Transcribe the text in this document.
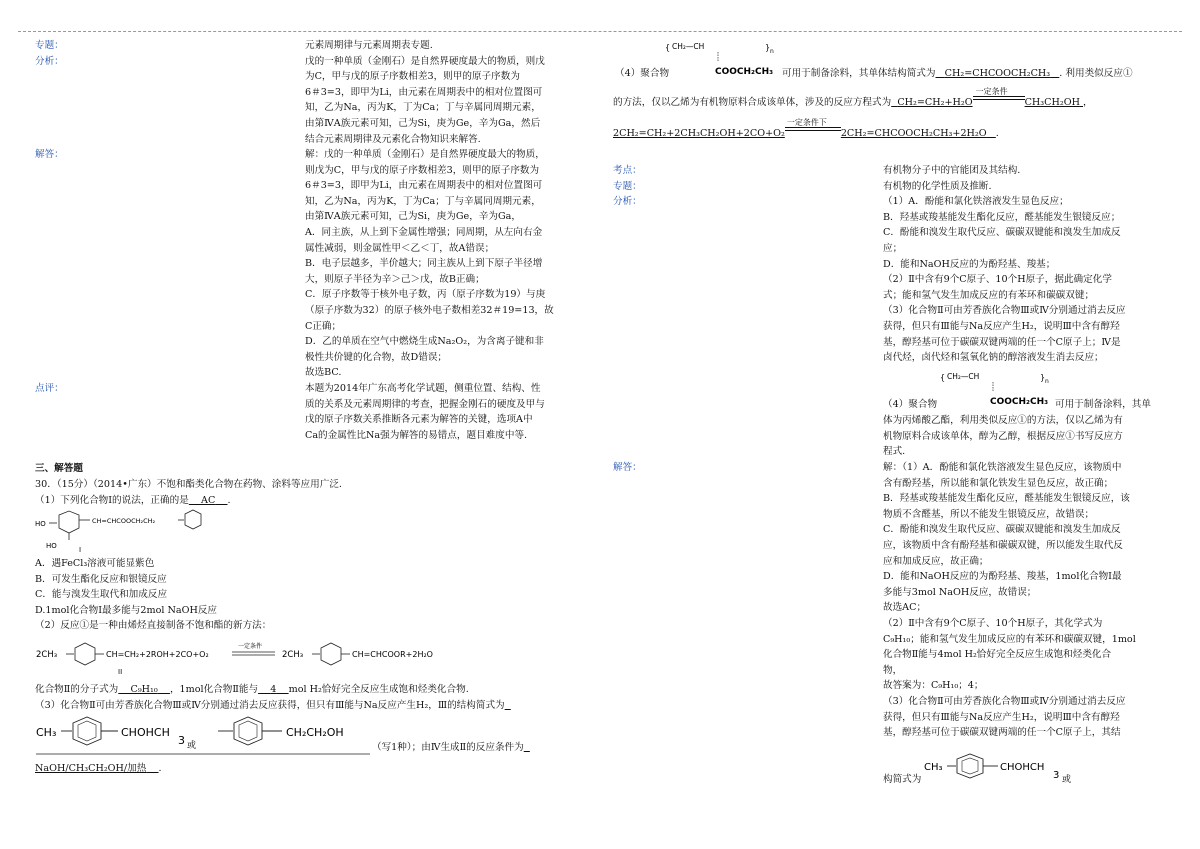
专题：	元素周期律与元素周期表专题.
分析：	戊的一种单质（金刚石）是自然界硬度最大的物质，则戊
为C，甲与戊的原子序数相差3，则甲的原子序数为
6＃3=3，即甲为Li，由元素在周期表中的相对位置图可
知，乙为Na，丙为K，丁为Ca；丁与辛属同周期元素，
由第ⅣA族元素可知，己为Si，庚为Ge，辛为Ga，然后
结合元素周期律及元素化合物知识来解答.
解答：	解：戊的一种单质（金刚石）是自然界硬度最大的物质，
则戊为C，甲与戊的原子序数相差3，则甲的原子序数为
6＃3=3，即甲为Li，由元素在周期表中的相对位置图可
知，乙为Na，丙为K，丁为Ca；丁与辛属同周期元素，
由第ⅣA族元素可知，己为Si，庚为Ge，辛为Ga，
A．同主族，从上到下金属性增强；同周期，从左向右金
属性减弱，则金属性甲＜乙＜丁，故A错误；
B．电子层越多，半价越大；同主族从上到下原子半径增
大，则原子半径为辛＞己＞戊，故B正确；
C．原子序数等于核外电子数，丙（原子序数为19）与庚
（原子序数为32）的原子核外电子数相差32＃19=13，故
C正确；
D．乙的单质在空气中燃烧生成Na₂O₂，为含离子键和非
极性共价键的化合物，故D错误；
故选BC.
点评：	本题为2014年广东高考化学试题，侧重位置、结构、性
质的关系及元素周期律的考查，把握金刚石的硬度及甲与
戊的原子序数关系推断各元素为解答的关键，选项A中
Ca的金属性比Na强为解答的易错点，题目难度中等.
三、解答题
30．（15分）（2014•广东）不饱和酯类化合物在药物、涂料等应用广泛.
（1）下列化合物Ⅰ的说法，正确的是 AC .
HO
HO
CH=CHCOOCH₂CH₂
I
A．遇FeCl₃溶液可能显紫色
B．可发生酯化反应和银镜反应
C．能与溴发生取代和加成反应
D.1mol化合物Ⅰ最多能与2mol NaOH反应
（2）反应①是一种由烯烃直接制备不饱和酯的新方法：
2CH₃	CH=CH₂+2ROH+2CO+O₂
II
一定条件
2CH₃	CH=CHCOOR+2H₂O
化合物Ⅱ的分子式为 C₉H₁₀ ，1mol化合物Ⅱ能与 4 mol H₂恰好完全反应生成饱和烃类化合物.
（3）化合物Ⅱ可由芳香族化合物Ⅲ或Ⅳ分别通过消去反应获得，但只有Ⅲ能与Na反应产生H₂，Ⅲ的结构简式为
CH₃	CHOHCH
3 或
CH₂CH₂OH
（写1种）；由Ⅳ生成Ⅱ的反应条件为
NaOH/CH₃CH₂OH/加热 .
{ CH₂—CH	} n
COOCH₂CH₃
（4）聚合物	可用于制备涂料，其单体结构简式为 CH₂=CHCOOCH₂CH₃ . 利用类似反应①
的方法，仅以乙烯为有机物原料合成该单体，涉及的反应方程式为 CH₂=CH₂+H₂O
一定条件
CH₃CH₂OH ，
2CH₂=CH₂+2CH₃CH₂OH+2CO+O₂
一定条件下
2CH₂=CHCOOCH₂CH₃+2H₂O .
考点：	有机物分子中的官能团及其结构.
专题：	有机物的化学性质及推断.
分析：	（1）A．酚能和氯化铁溶液发生显色反应；
B．羟基或羧基能发生酯化反应，醛基能发生银镜反应；
C．酚能和溴发生取代反应、碳碳双键能和溴发生加成反
应；
D．能和NaOH反应的为酚羟基、羧基；
（2）Ⅱ中含有9个C原子、10个H原子，据此确定化学
式；能和氢气发生加成反应的有苯环和碳碳双键；
（3）化合物Ⅱ可由芳香族化合物Ⅲ或Ⅳ分别通过消去反应
获得，但只有Ⅲ能与Na反应产生H₂，说明Ⅲ中含有醇羟
基，醇羟基可位于碳碳双键两端的任一个C原子上；Ⅳ是
卤代烃，卤代烃和氢氧化钠的醇溶液发生消去反应；
{ CH₂—CH	} n
COOCH₂CH₃
（4）聚合物	可用于制备涂料，其单
体为丙烯酸乙酯，利用类似反应①的方法，仅以乙烯为有
机物原料合成该单体，醇为乙醇，根据反应①书写反应方
程式.
解答：	解：（1）A．酚能和氯化铁溶液发生显色反应，该物质中
含有酚羟基，所以能和氯化铁发生显色反应，故正确；
B．羟基或羧基能发生酯化反应，醛基能发生银镜反应，该
物质不含醛基，所以不能发生银镜反应，故错误；
C．酚能和溴发生取代反应、碳碳双键能和溴发生加成反
应，该物质中含有酚羟基和碳碳双键，所以能发生取代反
应和加成反应，故正确；
D．能和NaOH反应的为酚羟基、羧基，1mol化合物Ⅰ最
多能与3mol NaOH反应，故错误；
故选AC；
（2）Ⅱ中含有9个C原子、10个H原子，其化学式为
C₉H₁₀；能和氢气发生加成反应的有苯环和碳碳双键，1mol
化合物Ⅱ能与4mol H₂恰好完全反应生成饱和烃类化合
物，
故答案为：C₉H₁₀；4；
（3）化合物Ⅱ可由芳香族化合物Ⅲ或Ⅳ分别通过消去反应
获得，但只有Ⅲ能与Na反应产生H₂，说明Ⅲ中含有醇羟
基，醇羟基可位于碳碳双键两端的任一个C原子上，其结
构简式为
CH₃	CHOHCH
3 或
